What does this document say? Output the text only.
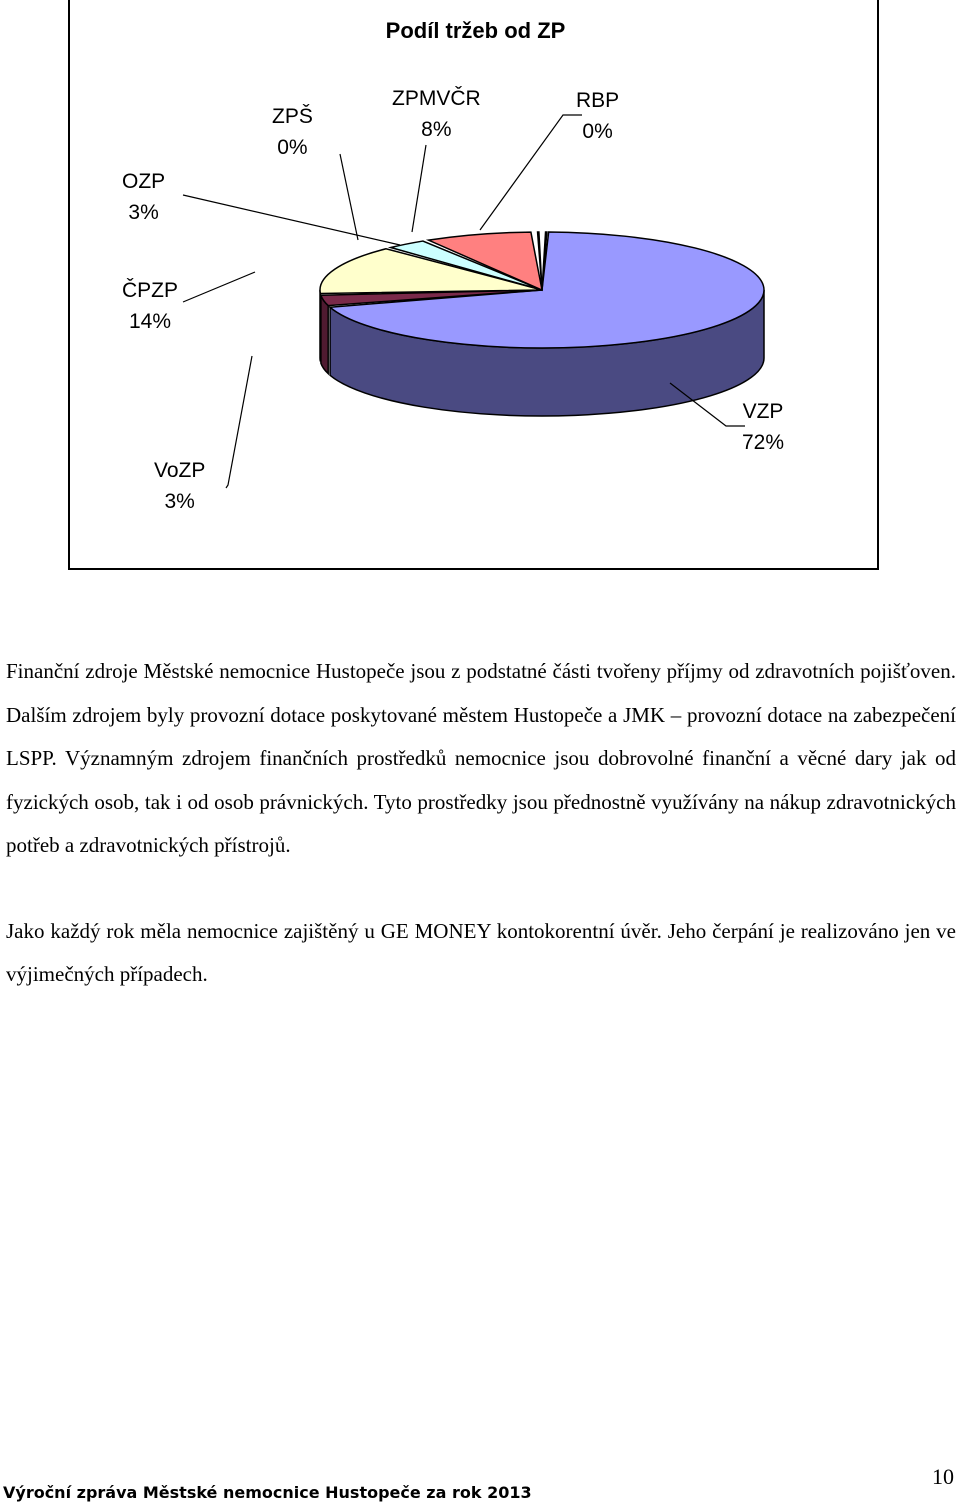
Podíl tržeb od ZP
OZP
3%
ZPŠ
0%
ZPMVČR
8%
RBP
0%
ČPZP
14%
VoZP
3%
VZP
72%

Finanční zdroje Městské nemocnice Hustopeče jsou z podstatné části tvořeny příjmy od zdravotních pojišťoven. Dalším zdrojem byly provozní dotace poskytované městem Hustopeče a JMK – provozní dotace na zabezpečení LSPP. Významným zdrojem finančních prostředků nemocnice jsou dobrovolné finanční a věcné dary jak od fyzických osob, tak i od osob právnických. Tyto prostředky jsou přednostně využívány na nákup zdravotnických potřeb a zdravotnických přístrojů.

Jako každý rok měla nemocnice zajištěný u GE MONEY kontokorentní úvěr. Jeho čerpání je realizováno jen ve výjimečných případech.

Výroční zpráva Městské nemocnice Hustopeče za rok 2013
10
